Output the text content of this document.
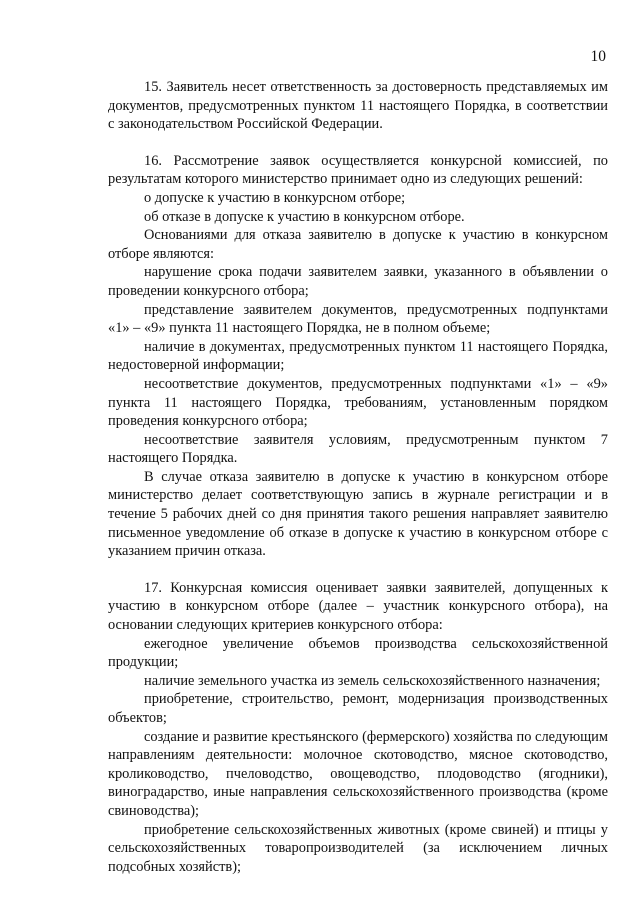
10

15. Заявитель несет ответственность за достоверность представляемых им документов, предусмотренных пунктом 11 настоящего Порядка, в соответствии с законодательством Российской Федерации.

16. Рассмотрение заявок осуществляется конкурсной комиссией, по результатам которого министерство принимает одно из следующих решений:

о допуске к участию в конкурсном отборе;

об отказе в допуске к участию в конкурсном отборе.

Основаниями для отказа заявителю в допуске к участию в конкурсном отборе являются:

нарушение срока подачи заявителем заявки, указанного в объявлении о проведении конкурсного отбора;

представление заявителем документов, предусмотренных подпунктами «1» – «9» пункта 11 настоящего Порядка, не в полном объеме;

наличие в документах, предусмотренных пунктом 11 настоящего Порядка, недостоверной информации;

несоответствие документов, предусмотренных подпунктами «1» – «9» пункта 11 настоящего Порядка, требованиям, установленным порядком проведения конкурсного отбора;

несоответствие заявителя условиям, предусмотренным пунктом 7 настоящего Порядка.

В случае отказа заявителю в допуске к участию в конкурсном отборе министерство делает соответствующую запись в журнале регистрации и в течение 5 рабочих дней со дня принятия такого решения направляет заявителю письменное уведомление об отказе в допуске к участию в конкурсном отборе с указанием причин отказа.

17. Конкурсная комиссия оценивает заявки заявителей, допущенных к участию в конкурсном отборе (далее – участник конкурсного отбора), на основании следующих критериев конкурсного отбора:

ежегодное увеличение объемов производства сельскохозяйственной продукции;

наличие земельного участка из земель сельскохозяйственного назначения;

приобретение, строительство, ремонт, модернизация производственных объектов;

создание и развитие крестьянского (фермерского) хозяйства по следующим направлениям деятельности: молочное скотоводство, мясное скотоводство, кролиководство, пчеловодство, овощеводство, плодоводство (ягодники), виноградарство, иные направления сельскохозяйственного производства (кроме свиноводства);

приобретение сельскохозяйственных животных (кроме свиней) и птицы у сельскохозяйственных товаропроизводителей (за исключением личных подсобных хозяйств);
